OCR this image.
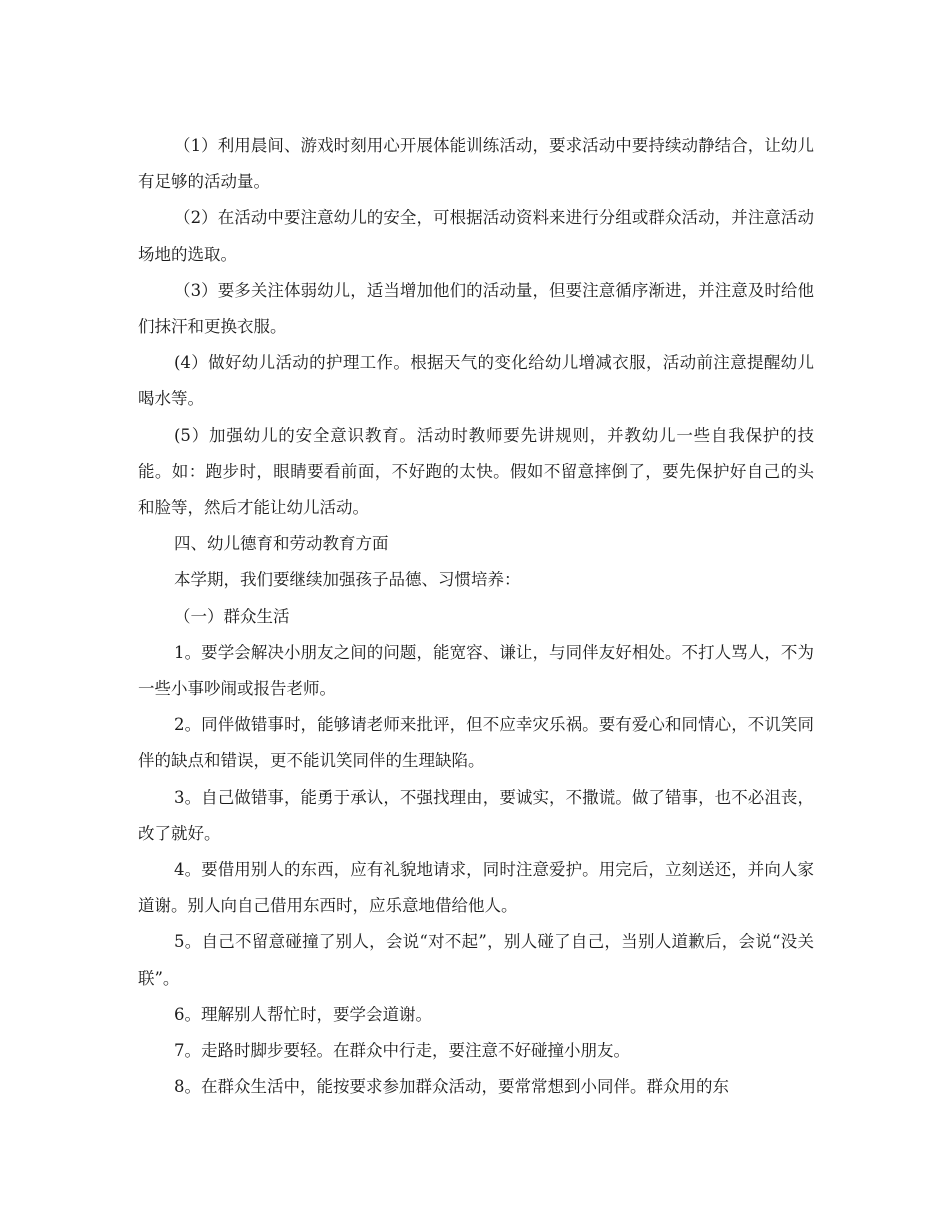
（1）利用晨间、游戏时刻用心开展体能训练活动，要求活动中要持续动静结合，让幼儿有足够的活动量。

（2）在活动中要注意幼儿的安全，可根据活动资料来进行分组或群众活动，并注意活动场地的选取。

（3）要多关注体弱幼儿，适当增加他们的活动量，但要注意循序渐进，并注意及时给他们抹汗和更换衣服。

(4）做好幼儿活动的护理工作。根据天气的变化给幼儿增减衣服，活动前注意提醒幼儿喝水等。

(5）加强幼儿的安全意识教育。活动时教师要先讲规则，并教幼儿一些自我保护的技能。如：跑步时，眼睛要看前面，不好跑的太快。假如不留意摔倒了，要先保护好自己的头和脸等，然后才能让幼儿活动。

四、幼儿德育和劳动教育方面

本学期，我们要继续加强孩子品德、习惯培养：

（一）群众生活

1。要学会解决小朋友之间的问题，能宽容、谦让，与同伴友好相处。不打人骂人，不为一些小事吵闹或报告老师。

2。同伴做错事时，能够请老师来批评，但不应幸灾乐祸。要有爱心和同情心，不讥笑同伴的缺点和错误，更不能讥笑同伴的生理缺陷。

3。自己做错事，能勇于承认，不强找理由，要诚实，不撒谎。做了错事，也不必沮丧，改了就好。

4。要借用别人的东西，应有礼貌地请求，同时注意爱护。用完后，立刻送还，并向人家道谢。别人向自己借用东西时，应乐意地借给他人。

5。自己不留意碰撞了别人，会说“对不起”，别人碰了自己，当别人道歉后，会说“没关联”。

6。理解别人帮忙时，要学会道谢。

7。走路时脚步要轻。在群众中行走，要注意不好碰撞小朋友。

8。在群众生活中，能按要求参加群众活动，要常常想到小同伴。群众用的东
